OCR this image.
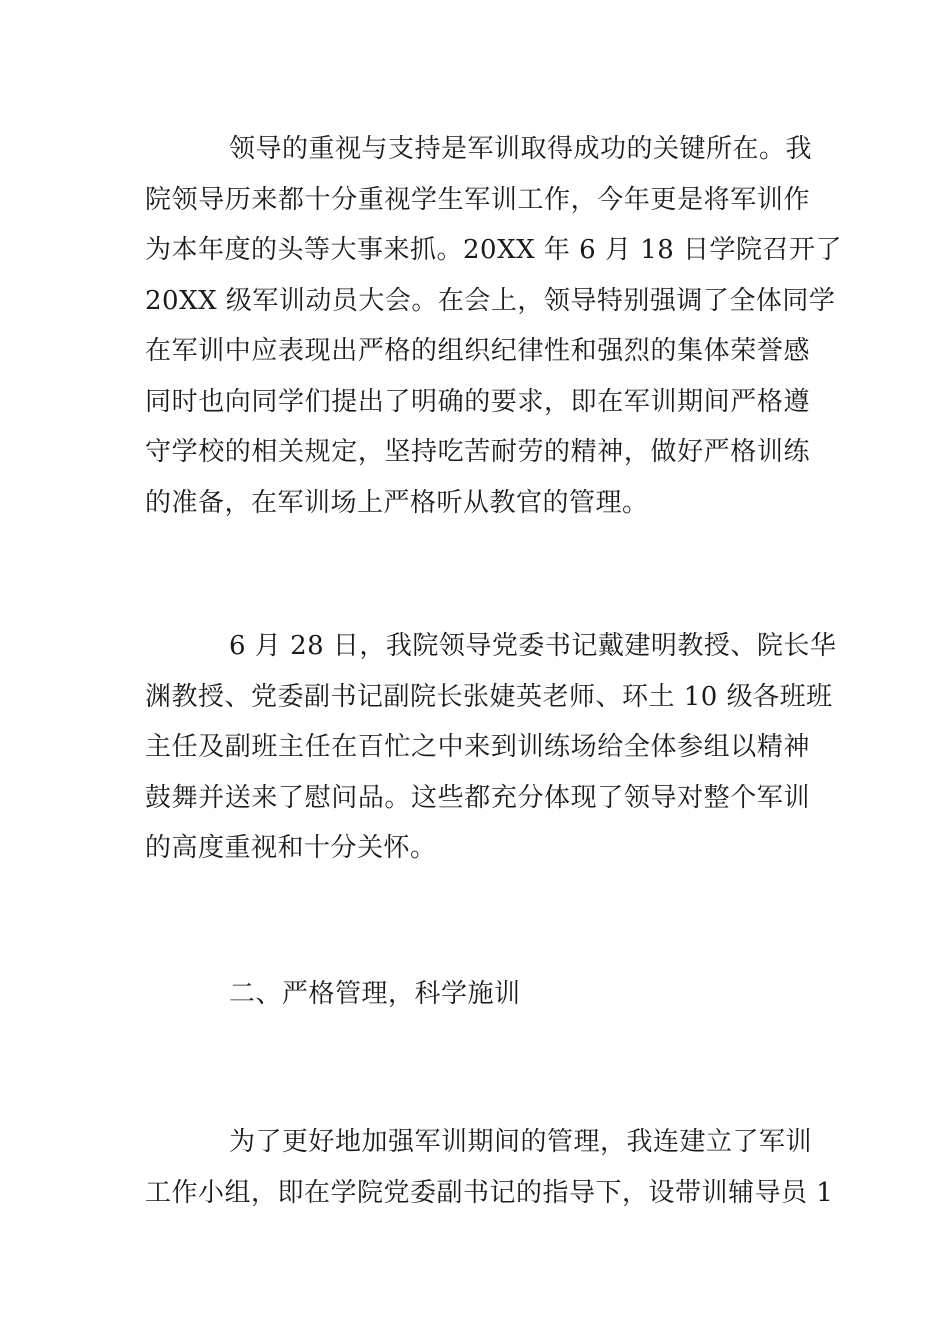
领导的重视与支持是军训取得成功的关键所在。我
院领导历来都十分重视学生军训工作，今年更是将军训作
为本年度的头等大事来抓。20XX 年 6 月 18 日学院召开了
20XX 级军训动员大会。在会上，领导特别强调了全体同学
在军训中应表现出严格的组织纪律性和强烈的集体荣誉感
同时也向同学们提出了明确的要求，即在军训期间严格遵
守学校的相关规定，坚持吃苦耐劳的精神，做好严格训练
的准备，在军训场上严格听从教官的管理。

6 月 28 日，我院领导党委书记戴建明教授、院长华
渊教授、党委副书记副院长张婕英老师、环土 10 级各班班
主任及副班主任在百忙之中来到训练场给全体参组以精神
鼓舞并送来了慰问品。这些都充分体现了领导对整个军训
的高度重视和十分关怀。

二、严格管理，科学施训

为了更好地加强军训期间的管理，我连建立了军训
工作小组，即在学院党委副书记的指导下，设带训辅导员 1
